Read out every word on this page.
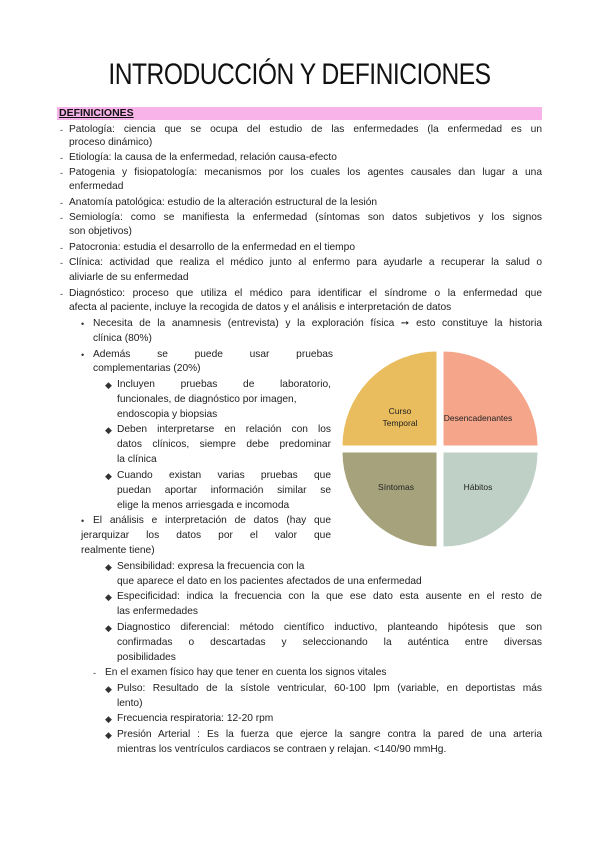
INTRODUCCIÓN Y DEFINICIONES
DEFINICIONES
- Patología: ciencia que se ocupa del estudio de las enfermedades (la enfermedad es un
proceso dinámico)
- Etiología: la causa de la enfermedad, relación causa-efecto
- Patogenia y fisiopatología: mecanismos por los cuales los agentes causales dan lugar a una
enfermedad
- Anatomía patológica: estudio de la alteración estructural de la lesión
- Semiología: como se manifiesta la enfermedad (síntomas son datos subjetivos y los signos
son objetivos)
- Patocronia: estudia el desarrollo de la enfermedad en el tiempo
- Clínica: actividad que realiza el médico junto al enfermo para ayudarle a recuperar la salud o
aliviarle de su enfermedad
- Diagnóstico: proceso que utiliza el médico para identificar el síndrome o la enfermedad que
afecta al paciente, incluye la recogida de datos y el análisis e interpretación de datos
• Necesita de la anamnesis (entrevista) y la exploración física ➙ esto constituye la historia
clínica (80%)
• Además se puede usar pruebas
complementarias (20%)
◆ Incluyen pruebas de laboratorio,
funcionales, de diagnóstico por imagen,
endoscopia y biopsias
◆ Deben interpretarse en relación con los
datos clínicos, siempre debe predominar
la clínica
◆ Cuando existan varias pruebas que
puedan aportar información similar se
elige la menos arriesgada e incomoda
• El análisis e interpretación de datos (hay que
jerarquizar los datos por el valor que
realmente tiene)
◆ Sensibilidad: expresa la frecuencia con la
que aparece el dato en los pacientes afectados de una enfermedad
◆ Especificidad: indica la frecuencia con la que ese dato esta ausente en el resto de
las enfermedades
◆ Diagnostico diferencial: método científico inductivo, planteando hipótesis que son
confirmadas o descartadas y seleccionando la auténtica entre diversas
posibilidades
- En el examen físico hay que tener en cuenta los signos vitales
◆ Pulso: Resultado de la sístole ventricular, 60-100 lpm (variable, en deportistas más
lento)
◆ Frecuencia respiratoria: 12-20 rpm
◆ Presión Arterial : Es la fuerza que ejerce la sangre contra la pared de una arteria
mientras los ventrículos cardiacos se contraen y relajan. <140/90 mmHg.
Curso
Temporal	Desencadenantes
Hábitos
Síntomas
